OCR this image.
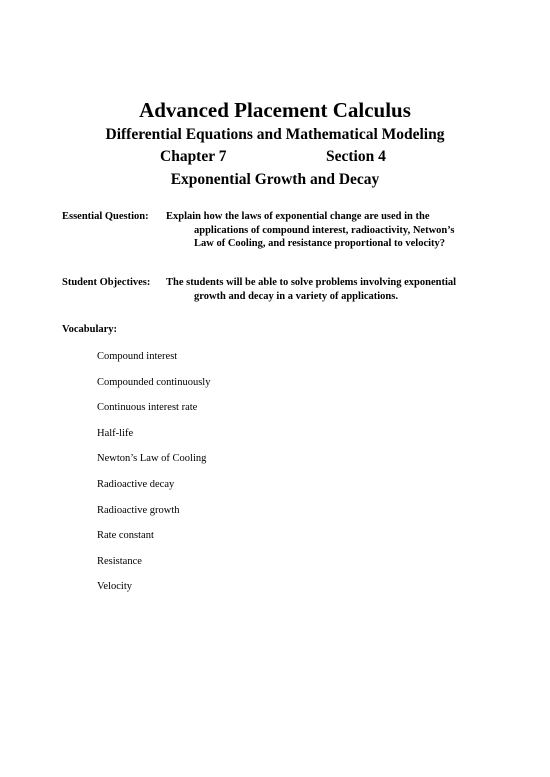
Advanced Placement Calculus
Differential Equations and Mathematical Modeling
Chapter 7	Section 4
Exponential Growth and Decay
Essential Question: Explain how the laws of exponential change are used in the
applications of compound interest, radioactivity, Netwon’s Law of Cooling, and resistance proportional to velocity?
Student Objectives: The students will be able to solve problems involving exponential
growth and decay in a variety of applications.
Vocabulary:
Compound interest
Compounded continuously
Continuous interest rate
Half-life
Newton’s Law of Cooling
Radioactive decay
Radioactive growth
Rate constant
Resistance
Velocity
